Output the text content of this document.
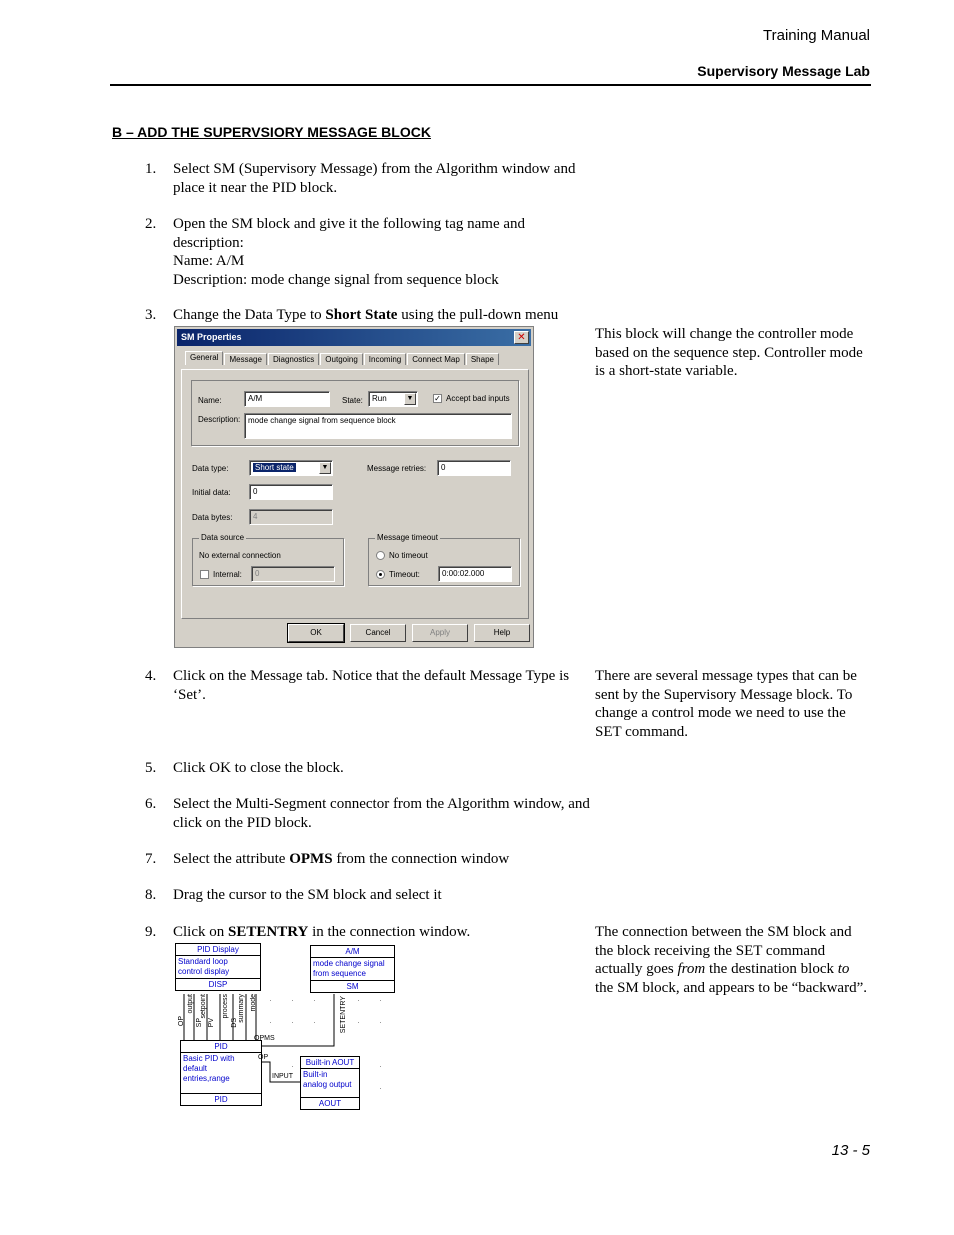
Training Manual
Supervisory Message Lab
B – ADD THE SUPERVSIORY MESSAGE BLOCK
1. Select SM (Supervisory Message) from the Algorithm window and place it near the PID block.
2. Open the SM block and give it the following tag name and description:
Name: A/M
Description: mode change signal from sequence block
3. Change the Data Type to Short State using the pull-down menu
This block will change the controller mode based on the sequence step. Controller mode is a short-state variable.
SM Properties	✕
General Message Diagnostics Outgoing Incoming Connect Map Shape
Name:	A/M	State:	Run	▼	✓ Accept bad inputs
Description: mode change signal from sequence block
Data type:	Short state	▼	Message retries:	0
Initial data:	0
Data bytes:	4
Data source
No external connection
Internal:	0
Message timeout
No timeout
Timeout:	0:00:02.000
OK	Cancel	Apply	Help
4. Click on the Message tab. Notice that the default Message Type is ‘Set’.
There are several message types that can be sent by the Supervisory Message block. To change a control mode we need to use the SET command.
5. Click OK to close the block.
6. Select the Multi-Segment connector from the Algorithm window, and click on the PID block.
7. Select the attribute OPMS from the connection window
8. Drag the cursor to the SM block and select it
9. Click on SETENTRY in the connection window.	The connection between the SM block and the block receiving the SET command actually goes from the destination block to the SM block, and appears to be “backward”.
PID Display
Standard loop
control display
DISP
A/M
mode change signal
from sequence
SM
PID
Basic PID with
default
entries,range
PID
Built-in AOUT
Built-in
analog output
AOUT
OP SP
output
PV
setpoint process
DS
summary mode	SETENTRY
OPMS
OP
INPUT
13 - 5
